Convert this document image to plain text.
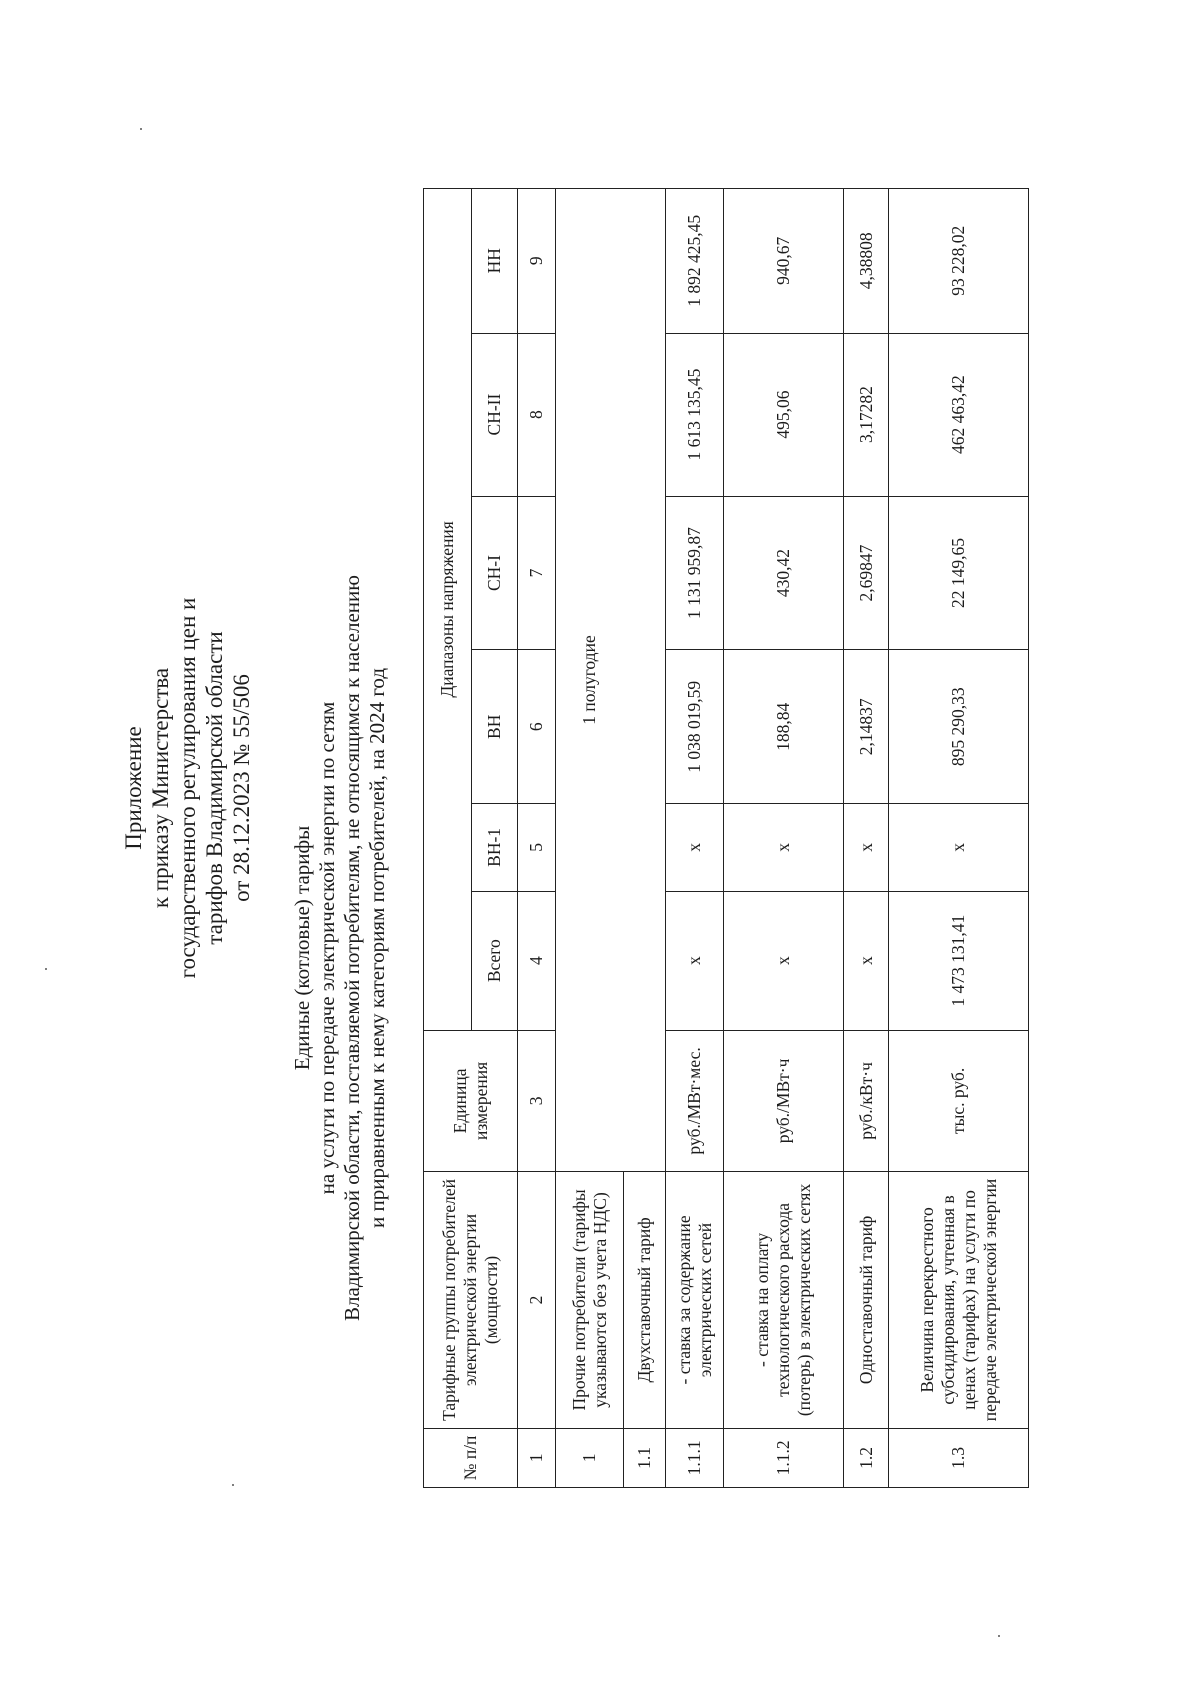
Приложение к приказу Министерства государственного регулирования цен и тарифов Владимирской области от 28.12.2023 № 55/506
Единые (котловые) тарифы на услуги по передаче электрической энергии по сетям Владимирской области, поставляемой потребителям, не относящимся к населению и приравненным к нему категориям потребителей, на 2024 год
№ п/п	Тарифные группы потребителей электрической энергии (мощности)	Единица измерения	Диапазоны напряжения					
			Всего	ВН-1	ВН	СН-I	СН-II	НН
1	2	3	4	5	6	7	8	9
1	Прочие потребители (тарифы указываются без учета НДС)	1 полугодие						
1.1	Двухставочный тариф							
1.1.1	- ставка за содержание электрических сетей	руб./МВт·мес.	х	х	1 038 019,59	1 131 959,87	1 613 135,45	1 892 425,45
1.1.2	- ставка на оплату технологического расхода (потерь) в электрических сетях	руб./МВт·ч	х	х	188,84	430,42	495,06	940,67
1.2	Одноставочный тариф	руб./кВт·ч	х	х	2,14837	2,69847	3,17282	4,38808
1.3	Величина перекрестного субсидирования, учтенная в ценах (тарифах) на услуги по передаче электрической энергии	тыс. руб.	1 473 131,41	х	895 290,33	22 149,65	462 463,42	93 228,02
